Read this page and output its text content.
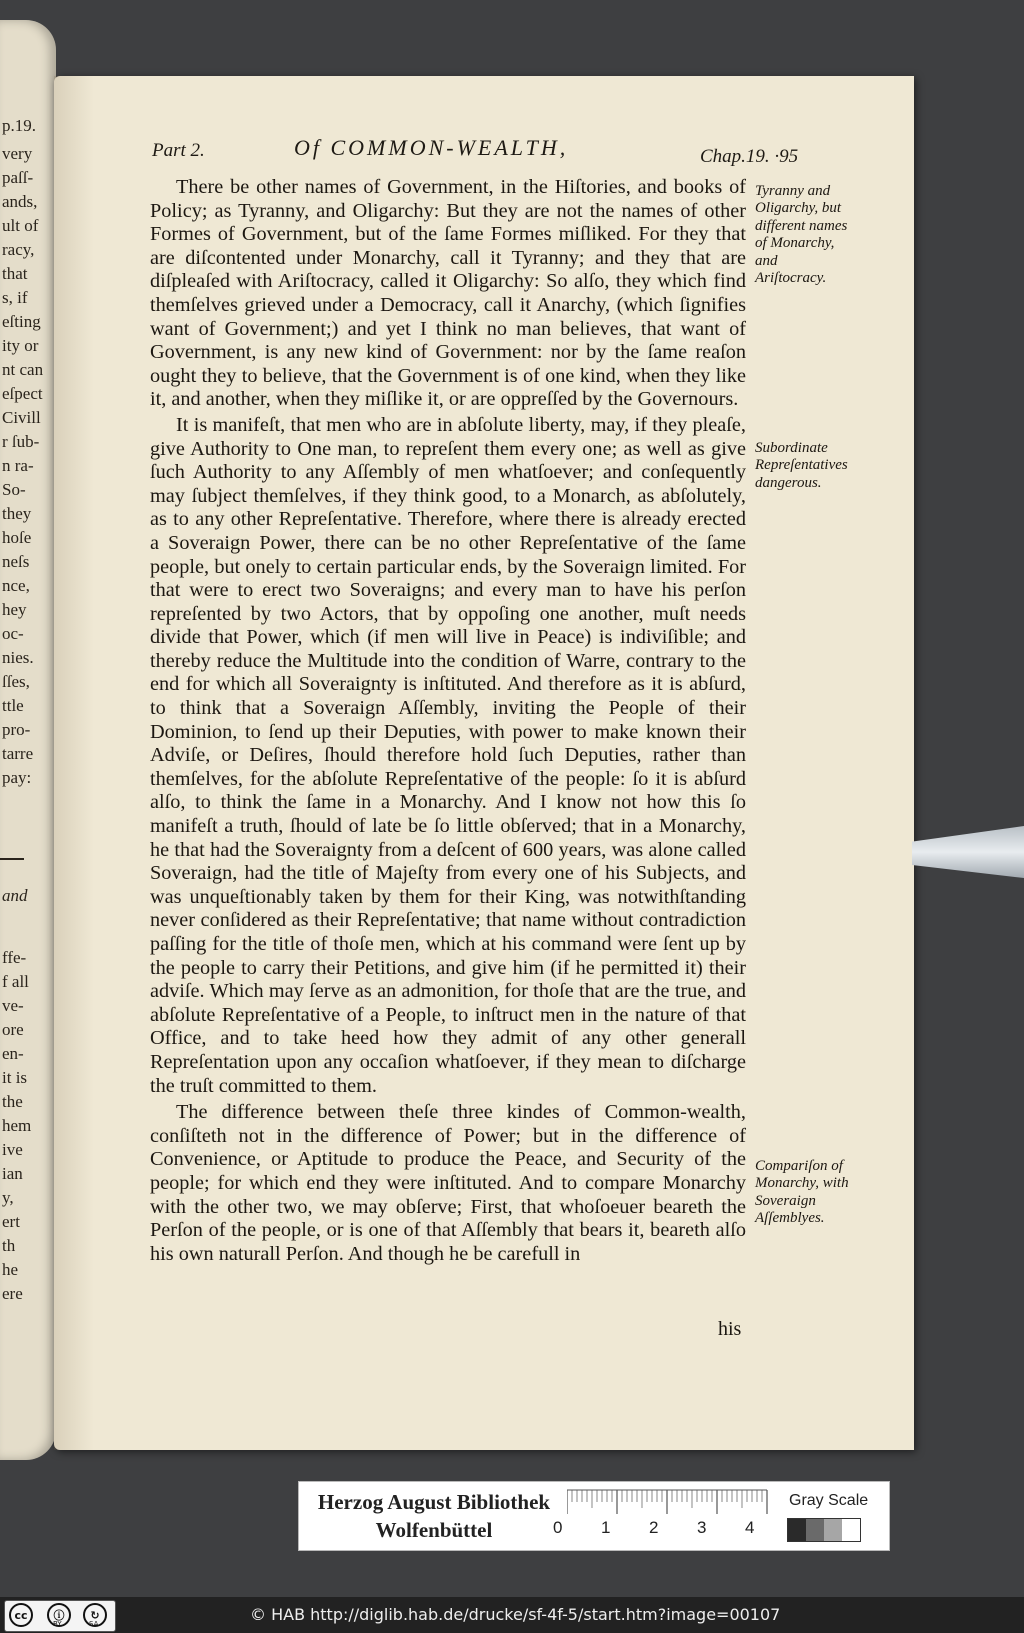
p.19.
very
paſſ-
ands,
ult of
racy,
that
s, if
eſting
ity or
nt can
eſpect
Civill
r ſub-
n ra-
So-
they
hoſe
neſs
nce,
hey
oc-
nies.
ſſes,
ttle
pro-
tarre
pay:
and
ffe-
f all
ve-
ore
en-
it is
the
hem
ive
ian
y,
ert
th
he
ere
Part 2.	Of COMMON-WEALTH,	Chap.19. ·95

There be other names of Government, in the Hiſtories, and books of Policy; as Tyranny, and Oligarchy: But they are not the names of other Formes of Government, but of the ſame Formes miſliked. For they that are diſcontented under Monarchy, call it Tyranny; and they that are diſpleaſed with Ariſtocracy, called it Oligarchy: So alſo, they which find themſelves grieved under a Democracy, call it Anarchy, (which ſignifies want of Government;) and yet I think no man believes, that want of Government, is any new kind of Government: nor by the ſame reaſon ought they to believe, that the Government is of one kind, when they like it, and another, when they miſlike it, or are oppreſſed by the Governours.

It is manifeſt, that men who are in abſolute liberty, may, if they pleaſe, give Authority to One man, to repreſent them every one; as well as give ſuch Authority to any Aſſembly of men whatſoever; and conſequently may ſubject themſelves, if they think good, to a Monarch, as abſolutely, as to any other Repreſentative. Therefore, where there is already erected a Soveraign Power, there can be no other Repreſentative of the ſame people, but onely to certain particular ends, by the Soveraign limited. For that were to erect two Soveraigns; and every man to have his perſon repreſented by two Actors, that by oppoſing one another, muſt needs divide that Power, which (if men will live in Peace) is indiviſible; and thereby reduce the Multitude into the condition of Warre, contrary to the end for which all Soveraignty is inſtituted. And therefore as it is abſurd, to think that a Soveraign Aſſembly, inviting the People of their Dominion, to ſend up their Deputies, with power to make known their Adviſe, or Deſires, ſhould therefore hold ſuch Deputies, rather than themſelves, for the abſolute Repreſentative of the people: ſo it is abſurd alſo, to think the ſame in a Monarchy. And I know not how this ſo manifeſt a truth, ſhould of late be ſo little obſerved; that in a Monarchy, he that had the Soveraignty from a deſcent of 600 years, was alone called Soveraign, had the title of Majeſty from every one of his Subjects, and was unqueſtionably taken by them for their King, was notwithſtanding never conſidered as their Repreſentative; that name without contradiction paſſing for the title of thoſe men, which at his command were ſent up by the people to carry their Petitions, and give him (if he permitted it) their adviſe. Which may ſerve as an admonition, for thoſe that are the true, and abſolute Repreſentative of a People, to inſtruct men in the nature of that Office, and to take heed how they admit of any other generall Repreſentation upon any occaſion whatſoever, if they mean to diſcharge the truſt committed to them.

The difference between theſe three kindes of Common-wealth, conſiſteth not in the difference of Power; but in the difference of Convenience, or Aptitude to produce the Peace, and Security of the people; for which end they were inſtituted. And to compare Monarchy with the other two, we may obſerve; First, that whoſoeuer beareth the Perſon of the people, or is one of that Aſſembly that bears it, beareth alſo his own naturall Perſon. And though he be carefull in

his
Tyranny and Oligarchy, but different names of Monarchy, and Ariſtocracy.
Subordinate Repreſentatives dangerous.
Compariſon of Monarchy, with Soveraign Aſſemblyes.
Herzog August Bibliothek
Wolfenbüttel	0 1 2 3 4
Gray Scale
cc	ⓘ	↻
BY	SA	© HAB http://diglib.hab.de/drucke/sf-4f-5/start.htm?image=00107
